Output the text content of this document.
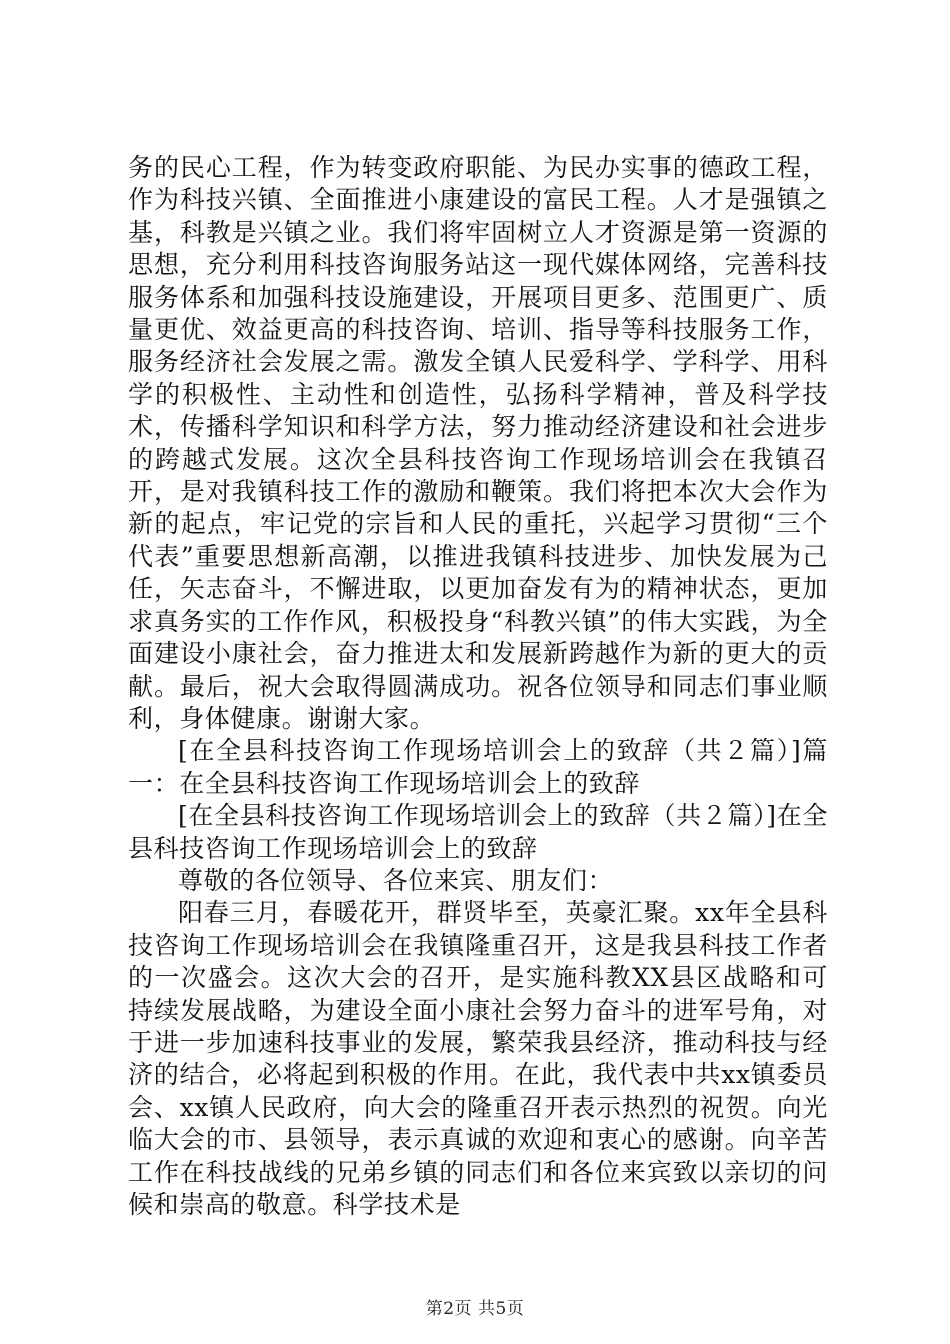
务的民心工程，作为转变政府职能、为民办实事的德政工程，作为科技兴镇、全面推进小康建设的富民工程。人才是强镇之基，科教是兴镇之业。我们将牢固树立人才资源是第一资源的思想，充分利用科技咨询服务站这一现代媒体网络，完善科技服务体系和加强科技设施建设，开展项目更多、范围更广、质量更优、效益更高的科技咨询、培训、指导等科技服务工作，服务经济社会发展之需。激发全镇人民爱科学、学科学、用科学的积极性、主动性和创造性，弘扬科学精神，普及科学技术，传播科学知识和科学方法，努力推动经济建设和社会进步的跨越式发展。这次全县科技咨询工作现场培训会在我镇召开，是对我镇科技工作的激励和鞭策。我们将把本次大会作为新的起点，牢记党的宗旨和人民的重托，兴起学习贯彻“三个代表”重要思想新高潮，以推进我镇科技进步、加快发展为己任，矢志奋斗，不懈进取，以更加奋发有为的精神状态，更加求真务实的工作作风，积极投身“科教兴镇”的伟大实践，为全面建设小康社会，奋力推进太和发展新跨越作为新的更大的贡献。最后，祝大会取得圆满成功。祝各位领导和同志们事业顺利，身体健康。谢谢大家。

[在全县科技咨询工作现场培训会上的致辞（共２篇）]篇一：在全县科技咨询工作现场培训会上的致辞

[在全县科技咨询工作现场培训会上的致辞（共２篇）]在全县科技咨询工作现场培训会上的致辞

尊敬的各位领导、各位来宾、朋友们：

阳春三月，春暖花开，群贤毕至，英豪汇聚。xx年全县科技咨询工作现场培训会在我镇隆重召开，这是我县科技工作者的一次盛会。这次大会的召开，是实施科教XX县区战略和可持续发展战略，为建设全面小康社会努力奋斗的进军号角，对于进一步加速科技事业的发展，繁荣我县经济，推动科技与经济的结合，必将起到积极的作用。在此，我代表中共xx镇委员会、xx镇人民政府，向大会的隆重召开表示热烈的祝贺。向光临大会的市、县领导，表示真诚的欢迎和衷心的感谢。向辛苦工作在科技战线的兄弟乡镇的同志们和各位来宾致以亲切的问候和崇高的敬意。科学技术是

第2页 共5页
